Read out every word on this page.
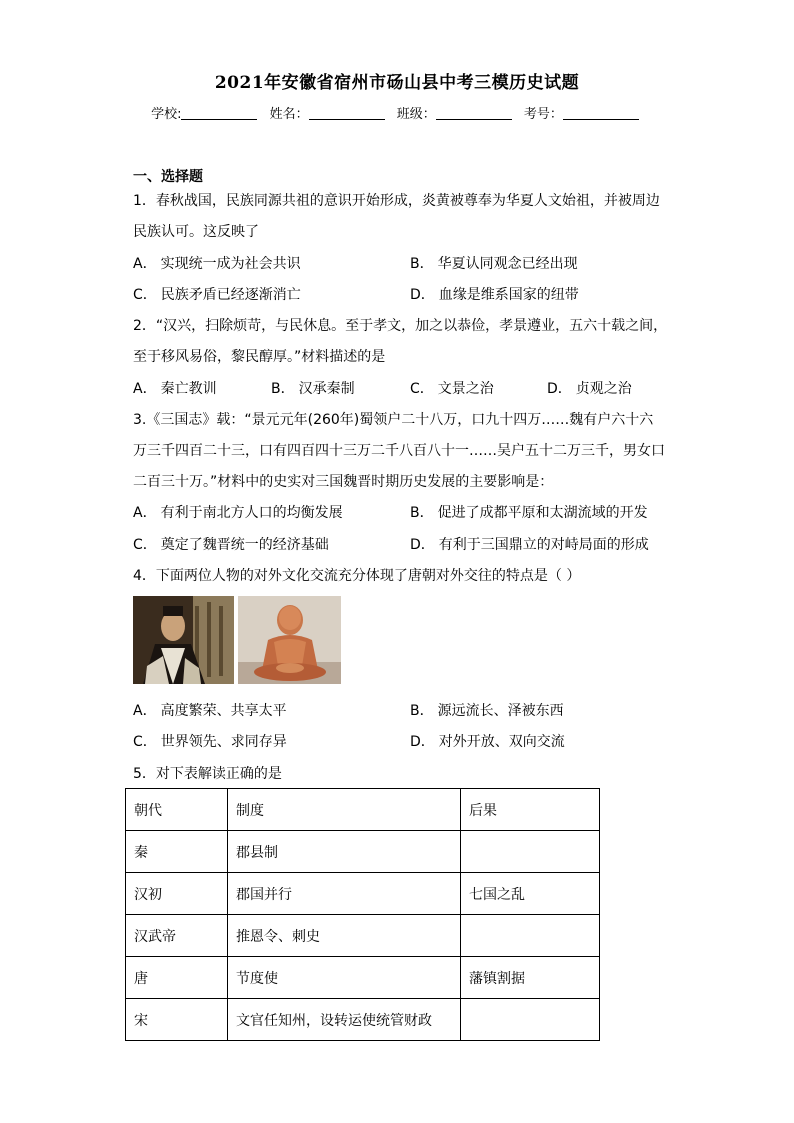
2021年安徽省宿州市砀山县中考三模历史试题
学校:	姓名：	班级：	考号：
一、选择题
1．春秋战国，民族同源共祖的意识开始形成，炎黄被尊奉为华夏人文始祖，并被周边
民族认可。这反映了
A． 实现统一成为社会共识	B． 华夏认同观念已经出现
C． 民族矛盾已经逐渐消亡	D． 血缘是维系国家的纽带
2．“汉兴，扫除烦苛，与民休息。至于孝文，加之以恭俭，孝景遵业，五六十载之间，
至于移风易俗，黎民醇厚。”材料描述的是
A． 秦亡教训	B． 汉承秦制	C． 文景之治	D． 贞观之治
3.《三国志》载：“景元元年(260年)蜀领户二十八万，口九十四万……魏有户六十六
万三千四百二十三，口有四百四十三万二千八百八十一……吴户五十二万三千，男女口
二百三十万。”材料中的史实对三国魏晋时期历史发展的主要影响是：
A． 有利于南北方人口的均衡发展	B． 促进了成都平原和太湖流域的开发
C． 奠定了魏晋统一的经济基础	D． 有利于三国鼎立的对峙局面的形成
4．下面两位人物的对外文化交流充分体现了唐朝对外交往的特点是（ ）
A． 高度繁荣、共享太平	B． 源远流长、泽被东西
C． 世界领先、求同存异	D． 对外开放、双向交流
5．对下表解读正确的是
朝代	制度	后果
秦	郡县制	
汉初	郡国并行	七国之乱
汉武帝	推恩令、刺史	
唐	节度使	藩镇割据
宋	文官任知州，设转运使统管财政	
